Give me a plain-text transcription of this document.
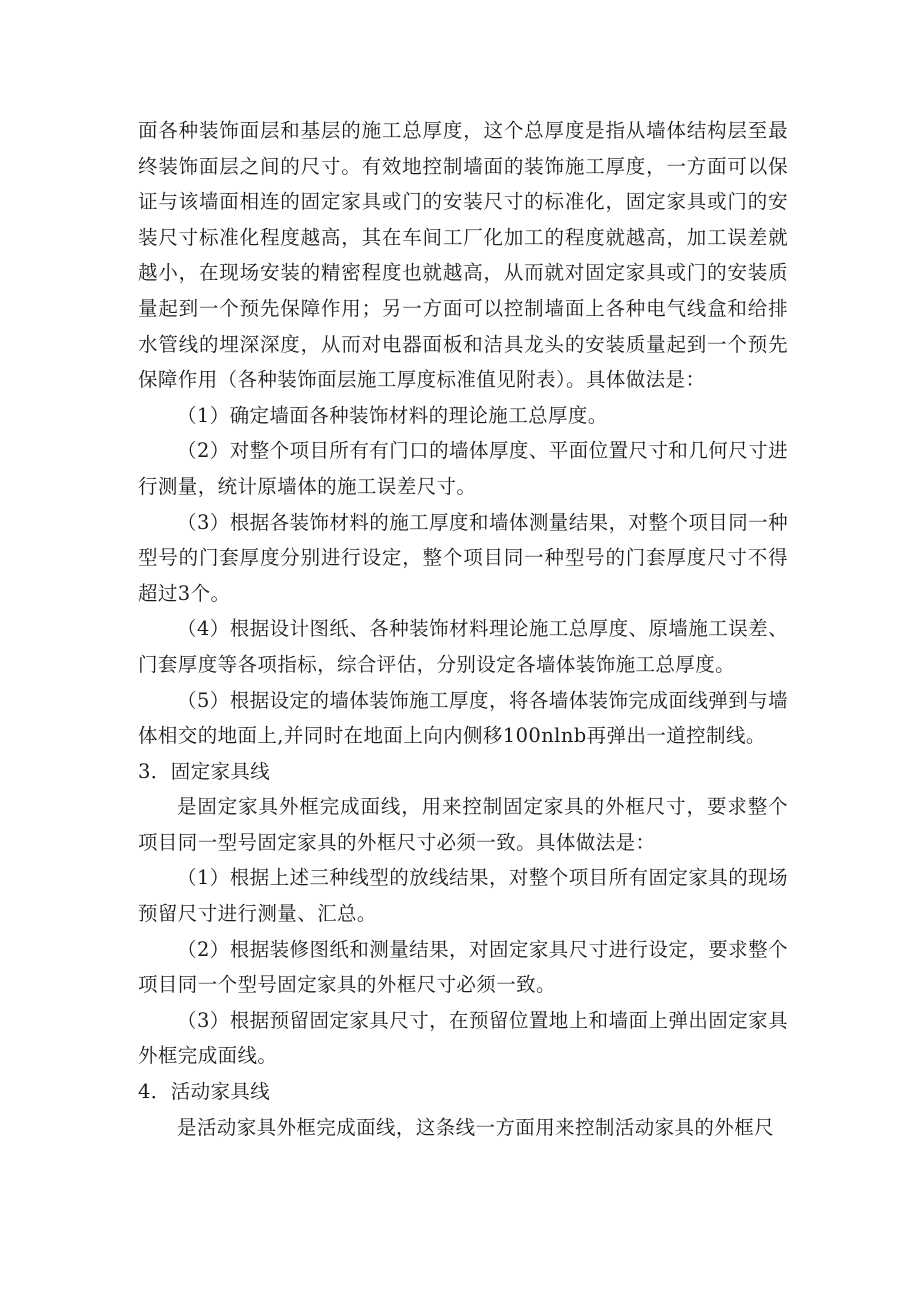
面各种装饰面层和基层的施工总厚度，这个总厚度是指从墙体结构层至最终装饰面层之间的尺寸。有效地控制墙面的装饰施工厚度，一方面可以保证与该墙面相连的固定家具或门的安装尺寸的标准化，固定家具或门的安装尺寸标准化程度越高，其在车间工厂化加工的程度就越高，加工误差就越小，在现场安装的精密程度也就越高，从而就对固定家具或门的安装质量起到一个预先保障作用；另一方面可以控制墙面上各种电气线盒和给排水管线的埋深深度，从而对电器面板和洁具龙头的安装质量起到一个预先保障作用（各种装饰面层施工厚度标准值见附表）。具体做法是：

（1）确定墙面各种装饰材料的理论施工总厚度。

（2）对整个项目所有有门口的墙体厚度、平面位置尺寸和几何尺寸进行测量，统计原墙体的施工误差尺寸。

（3）根据各装饰材料的施工厚度和墙体测量结果，对整个项目同一种型号的门套厚度分别进行设定，整个项目同一种型号的门套厚度尺寸不得超过3个。

（4）根据设计图纸、各种装饰材料理论施工总厚度、原墙施工误差、门套厚度等各项指标，综合评估，分别设定各墙体装饰施工总厚度。

（5）根据设定的墙体装饰施工厚度，将各墙体装饰完成面线弹到与墙体相交的地面上,并同时在地面上向内侧移100nlnb再弹出一道控制线。

3．固定家具线

是固定家具外框完成面线，用来控制固定家具的外框尺寸，要求整个项目同一型号固定家具的外框尺寸必须一致。具体做法是：

（1）根据上述三种线型的放线结果，对整个项目所有固定家具的现场预留尺寸进行测量、汇总。

（2）根据装修图纸和测量结果，对固定家具尺寸进行设定，要求整个项目同一个型号固定家具的外框尺寸必须一致。

（3）根据预留固定家具尺寸，在预留位置地上和墙面上弹出固定家具外框完成面线。

4．活动家具线

是活动家具外框完成面线，这条线一方面用来控制活动家具的外框尺
